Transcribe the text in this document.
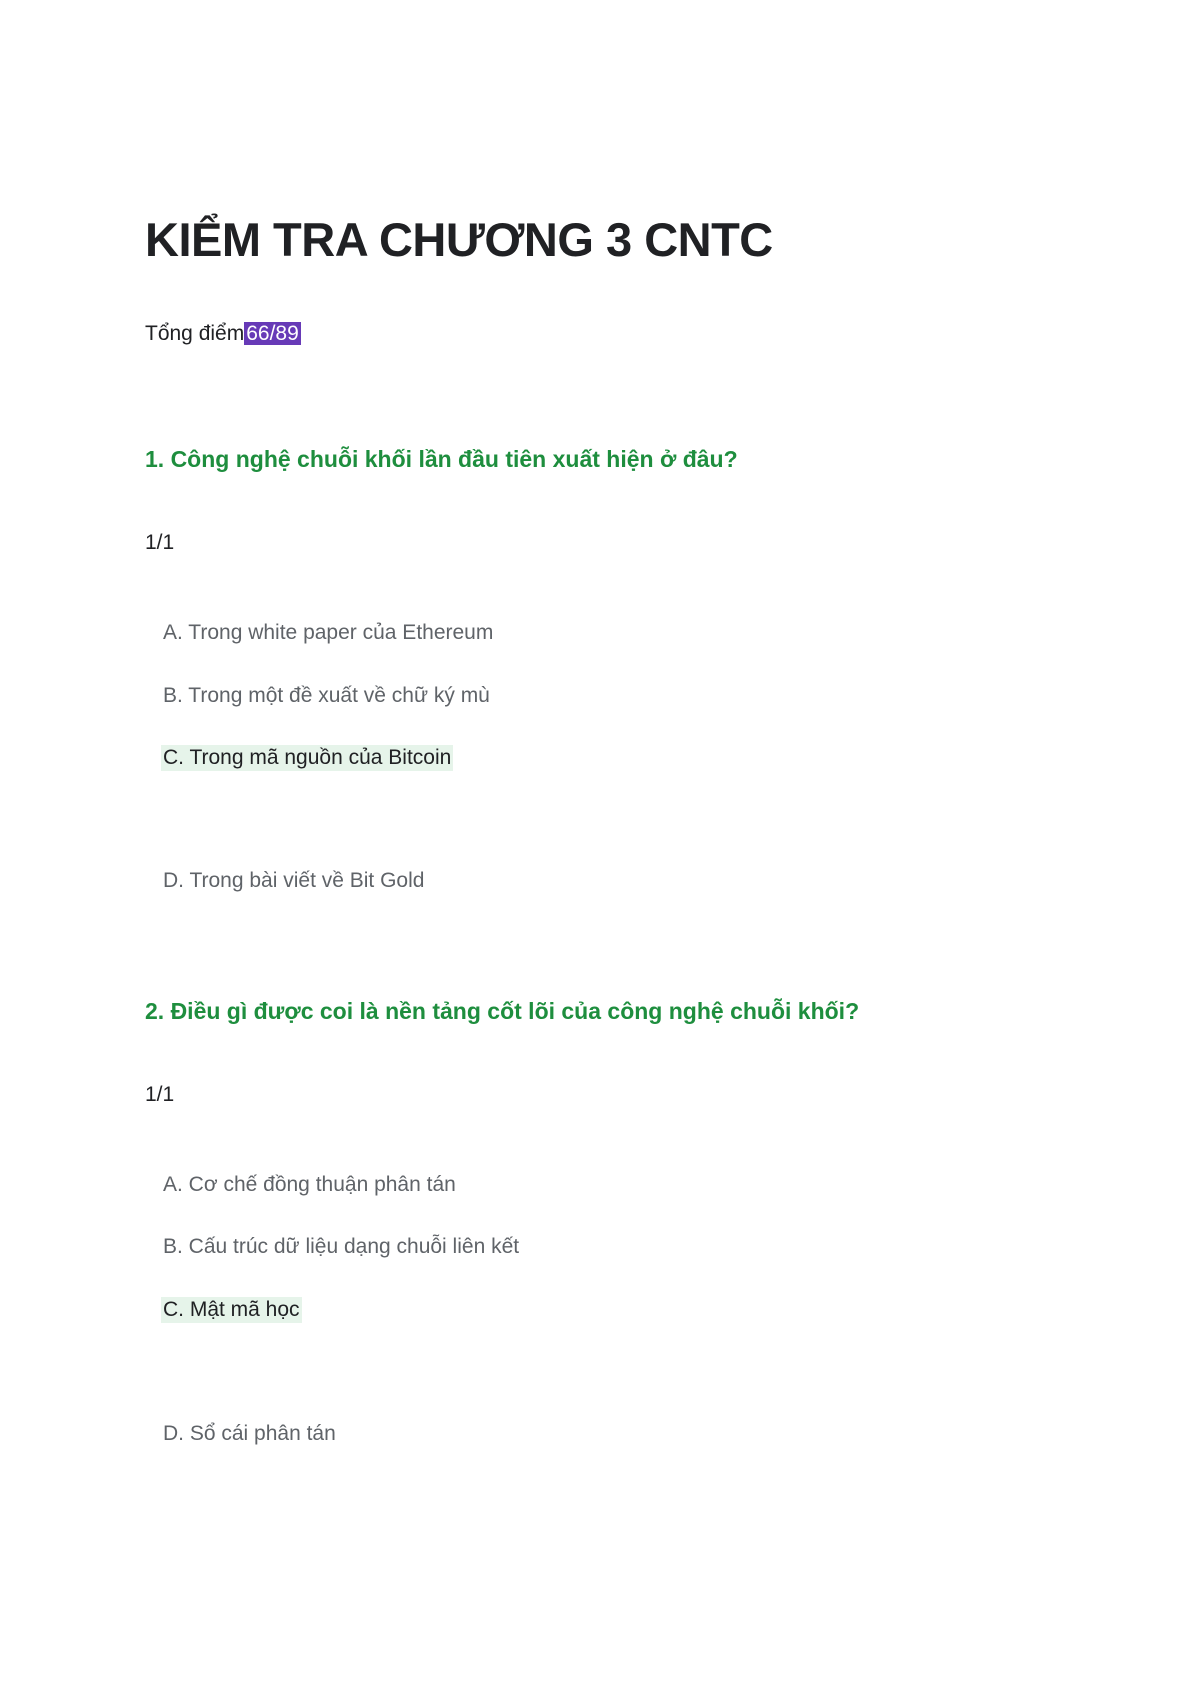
KIỂM TRA CHƯƠNG 3 CNTC
Tổng điểm66/89
1. Công nghệ chuỗi khối lần đầu tiên xuất hiện ở đâu?
1/1
A. Trong white paper của Ethereum
B. Trong một đề xuất về chữ ký mù
C. Trong mã nguồn của Bitcoin
D. Trong bài viết về Bit Gold
2. Điều gì được coi là nền tảng cốt lõi của công nghệ chuỗi khối?
1/1
A. Cơ chế đồng thuận phân tán
B. Cấu trúc dữ liệu dạng chuỗi liên kết
C. Mật mã học
D. Sổ cái phân tán
